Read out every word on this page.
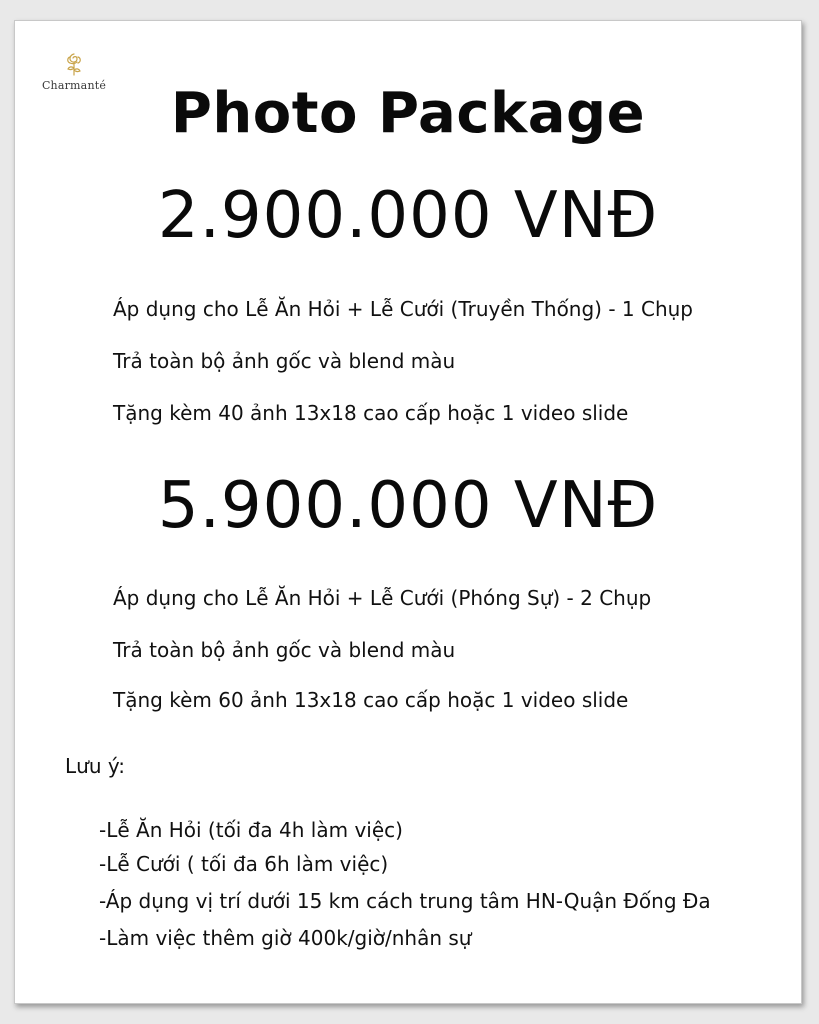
Charmanté	Photo Package
2.900.000 VNĐ
Áp dụng cho Lễ Ăn Hỏi + Lễ Cưới (Truyền Thống) - 1 Chụp
Trả toàn bộ ảnh gốc và blend màu
Tặng kèm 40 ảnh 13x18 cao cấp hoặc 1 video slide
5.900.000 VNĐ
Áp dụng cho Lễ Ăn Hỏi + Lễ Cưới (Phóng Sự) - 2 Chụp
Trả toàn bộ ảnh gốc và blend màu
Tặng kèm 60 ảnh 13x18 cao cấp hoặc 1 video slide
Lưu ý:
-Lễ Ăn Hỏi (tối đa 4h làm việc)
-Lễ Cưới ( tối đa 6h làm việc)
-Áp dụng vị trí dưới 15 km cách trung tâm HN-Quận Đống Đa
-Làm việc thêm giờ 400k/giờ/nhân sự
